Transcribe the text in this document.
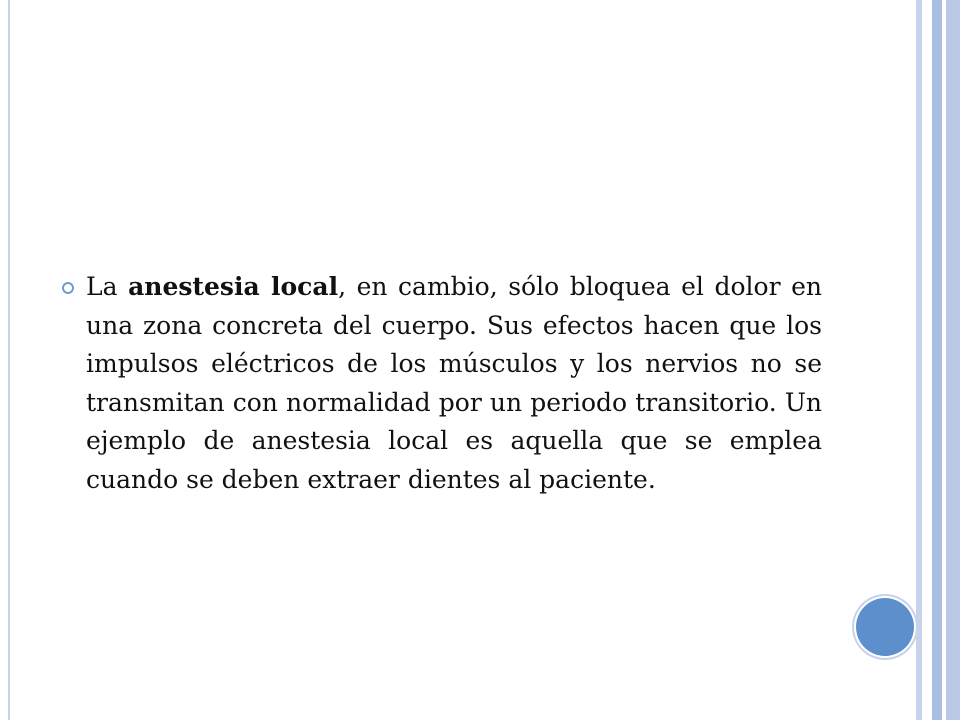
La anestesia local, en cambio, sólo bloquea el dolor en una zona concreta del cuerpo. Sus efectos hacen que los impulsos eléctricos de los músculos y los nervios no se transmitan con normalidad por un periodo transitorio. Un ejemplo de anestesia local es aquella que se emplea cuando se deben extraer dientes al paciente.
